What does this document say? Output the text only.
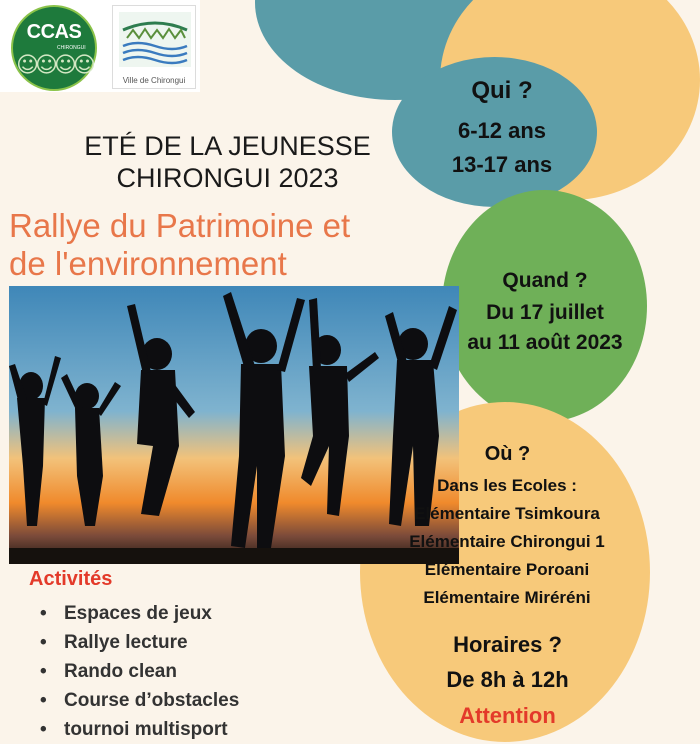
CCAS
CHIRONGUI
☺☺☺☺
Ville de Chirongui
ETÉ DE LA JEUNESSE
CHIRONGUI 2023
Rallye du Patrimoine et
de l'environnement
Qui ?
6-12 ans
13-17 ans
Quand ?
Du 17 juillet
au 11 août 2023
Où ?
Dans les Ecoles :
Elémentaire Tsimkoura
Elémentaire Chirongui 1
Elémentaire Poroani
Elémentaire Miréréni
Horaires ?
De 8h à 12h
Attention
Activités
• Espaces de jeux
• Rallye lecture
• Rando clean
• Course d’obstacles
• tournoi multisport
